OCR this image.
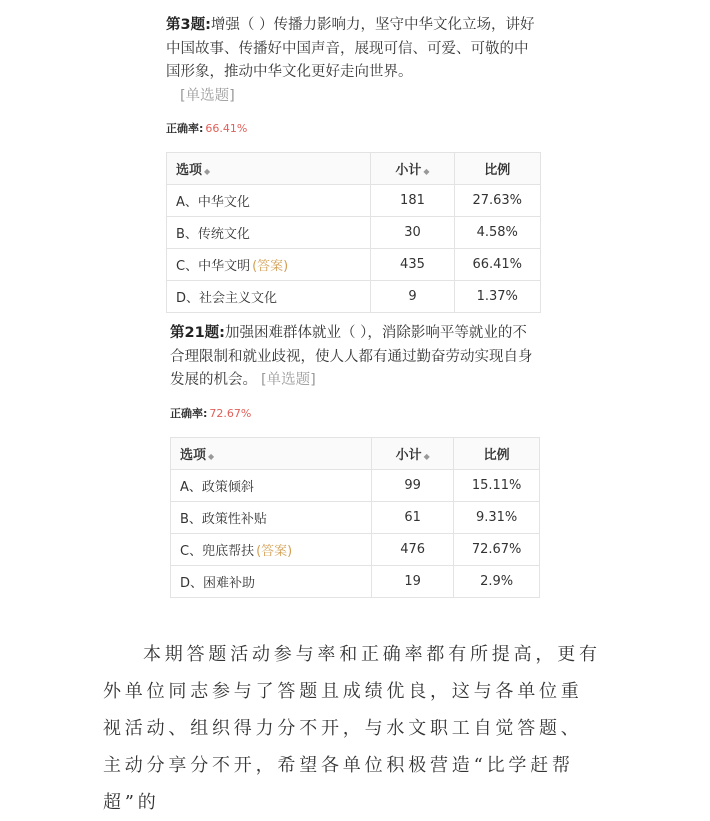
第3题:增强（ ）传播力影响力，坚守中华文化立场，讲好中国故事、传播好中国声音，展现可信、可爱、可敬的中国形象，推动中华文化更好走向世界。
[单选题]

正确率: 66.41%
选项 ◆	小计 ◆	比例
A、中华文化	181	27.63%
B、传统文化	30	4.58%
C、中华文明 (答案)	435	66.41%
D、社会主义文化	9	1.37%

第21题:加强困难群体就业（ ），消除影响平等就业的不合理限制和就业歧视，使人人都有通过勤奋劳动实现自身发展的机会。 [单选题]

正确率: 72.67%
选项 ◆	小计 ◆	比例
A、政策倾斜	99	15.11%
B、政策性补贴	61	9.31%
C、兜底帮扶 (答案)	476	72.67%
D、困难补助	19	2.9%

本期答题活动参与率和正确率都有所提高，更有外单位同志参与了答题且成绩优良，这与各单位重视活动、组织得力分不开，与水文职工自觉答题、主动分享分不开，希望各单位积极营造“比学赶帮超”的
